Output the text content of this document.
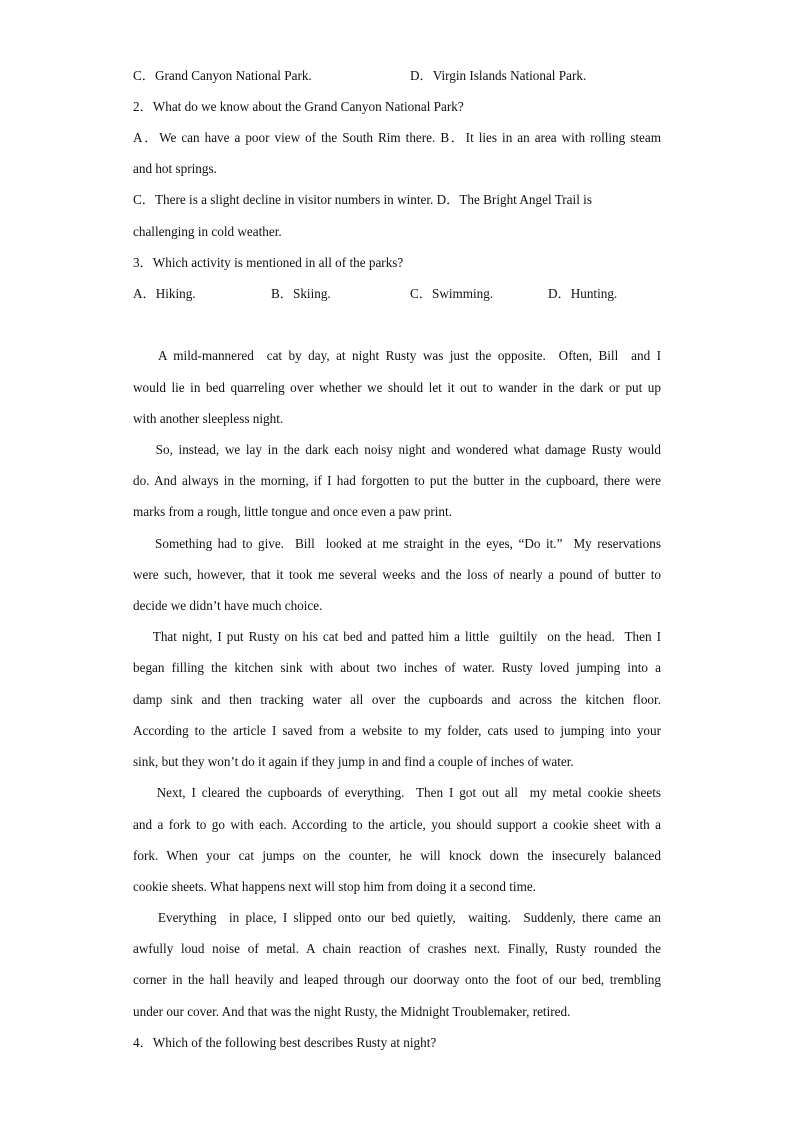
C．Grand Canyon National Park.	D．Virgin Islands National Park.
2．What do we know about the Grand Canyon National Park?
A．We can have a poor view of the South Rim there. B．It lies in an area with rolling steam
and hot springs.
C．There is a slight decline in visitor numbers in winter. D．The Bright Angel Trail is
challenging in cold weather.
3．Which activity is mentioned in all of the parks?
A．Hiking.	B．Skiing.	C．Swimming.	D．Hunting.
A mild-mannered  cat by day, at night Rusty was just the opposite.  Often, Bill  and I
would lie in bed quarreling over whether we should let it out to wander in the dark or put up
with another sleepless night.
So, instead, we lay in the dark each noisy night and wondered what damage Rusty would
do. And always in the morning, if I had forgotten to put the butter in the cupboard, there were
marks from a rough, little tongue and once even a paw print.
Something had to give.  Bill  looked at me straight in the eyes, “Do it.”  My reservations
were such, however, that it took me several weeks and the loss of nearly a pound of butter to
decide we didn’t have much choice.
That night, I put Rusty on his cat bed and patted him a little  guiltily  on the head.  Then I
began filling the kitchen sink with about two inches of water. Rusty loved jumping into a
damp sink and then tracking water all over the cupboards and across the kitchen floor.
According to the article I saved from a website to my folder, cats used to jumping into your
sink, but they won’t do it again if they jump in and find a couple of inches of water.
Next, I cleared the cupboards of everything.  Then I got out all  my metal cookie sheets
and a fork to go with each. According to the article, you should support a cookie sheet with a
fork. When your cat jumps on the counter, he will knock down the insecurely balanced
cookie sheets. What happens next will stop him from doing it a second time.
Everything  in place, I slipped onto our bed quietly,  waiting.  Suddenly, there came an
awfully loud noise of metal. A chain reaction of crashes next. Finally, Rusty rounded the
corner in the hall heavily and leaped through our doorway onto the foot of our bed, trembling
under our cover. And that was the night Rusty, the Midnight Troublemaker, retired.
4．Which of the following best describes Rusty at night?
